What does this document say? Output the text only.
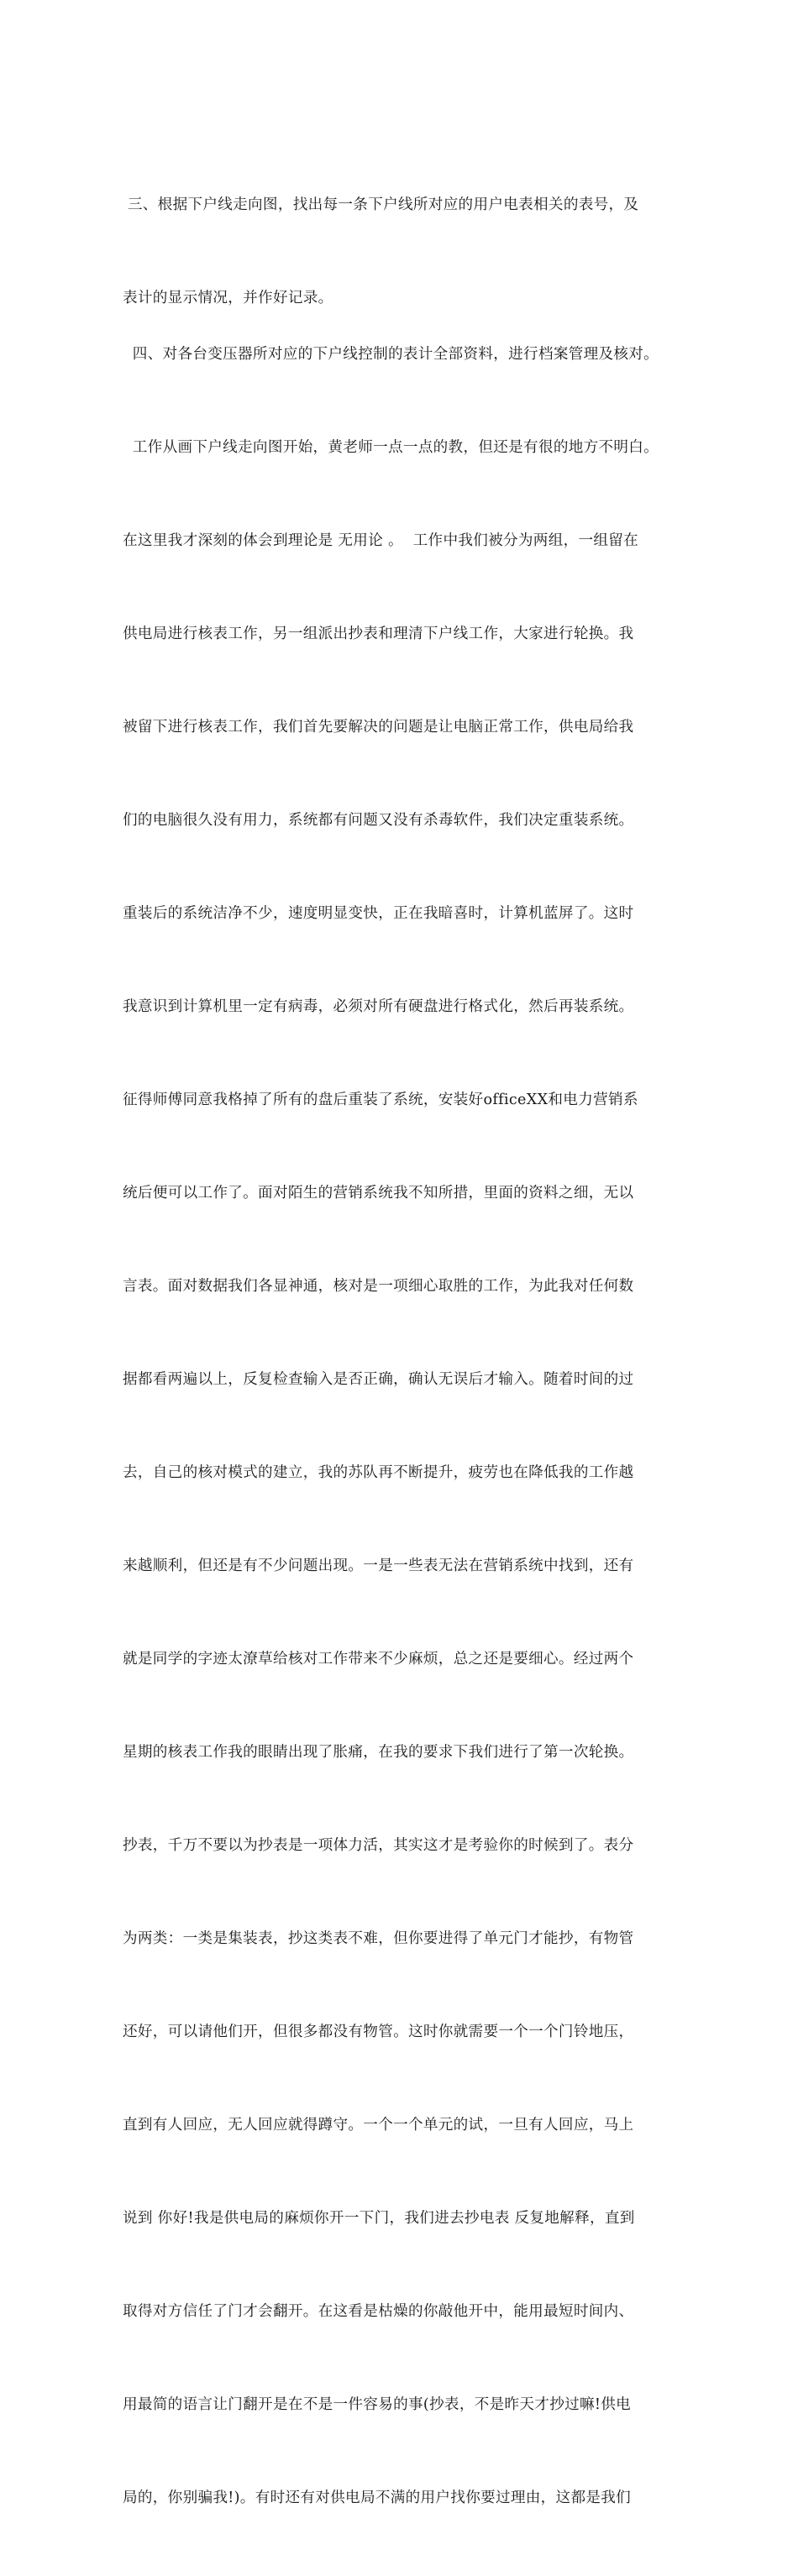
三、根据下户线走向图，找出每一条下户线所对应的用户电表相关的表号，及

表计的显示情况，并作好记录。

四、对各台变压器所对应的下户线控制的表计全部资料，进行档案管理及核对。

工作从画下户线走向图开始，黄老师一点一点的教，但还是有很的地方不明白。

在这里我才深刻的体会到理论是 无用论 。  工作中我们被分为两组，一组留在

供电局进行核表工作，另一组派出抄表和理清下户线工作，大家进行轮换。我

被留下进行核表工作，我们首先要解决的问题是让电脑正常工作，供电局给我

们的电脑很久没有用力，系统都有问题又没有杀毒软件，我们决定重装系统。

重装后的系统洁净不少，速度明显变快，正在我暗喜时，计算机蓝屏了。这时

我意识到计算机里一定有病毒，必须对所有硬盘进行格式化，然后再装系统。

征得师傅同意我格掉了所有的盘后重装了系统，安装好officeXX和电力营销系

统后便可以工作了。面对陌生的营销系统我不知所措，里面的资料之细，无以

言表。面对数据我们各显神通，核对是一项细心取胜的工作，为此我对任何数

据都看两遍以上，反复检查输入是否正确，确认无误后才输入。随着时间的过

去，自己的核对模式的建立，我的苏队再不断提升，疲劳也在降低我的工作越

来越顺利，但还是有不少问题出现。一是一些表无法在营销系统中找到，还有

就是同学的字迹太潦草给核对工作带来不少麻烦，总之还是要细心。经过两个

星期的核表工作我的眼睛出现了胀痛，在我的要求下我们进行了第一次轮换。

抄表，千万不要以为抄表是一项体力活，其实这才是考验你的时候到了。表分

为两类：一类是集装表，抄这类表不难，但你要进得了单元门才能抄，有物管

还好，可以请他们开，但很多都没有物管。这时你就需要一个一个门铃地压，

直到有人回应，无人回应就得蹲守。一个一个单元的试，一旦有人回应，马上

说到 你好!我是供电局的麻烦你开一下门，我们进去抄电表 反复地解释，直到

取得对方信任了门才会翻开。在这看是枯燥的你敲他开中，能用最短时间内、

用最简的语言让门翻开是在不是一件容易的事(抄表，不是昨天才抄过嘛!供电

局的，你别骗我!)。有时还有对供电局不满的用户找你要过理由，这都是我们
